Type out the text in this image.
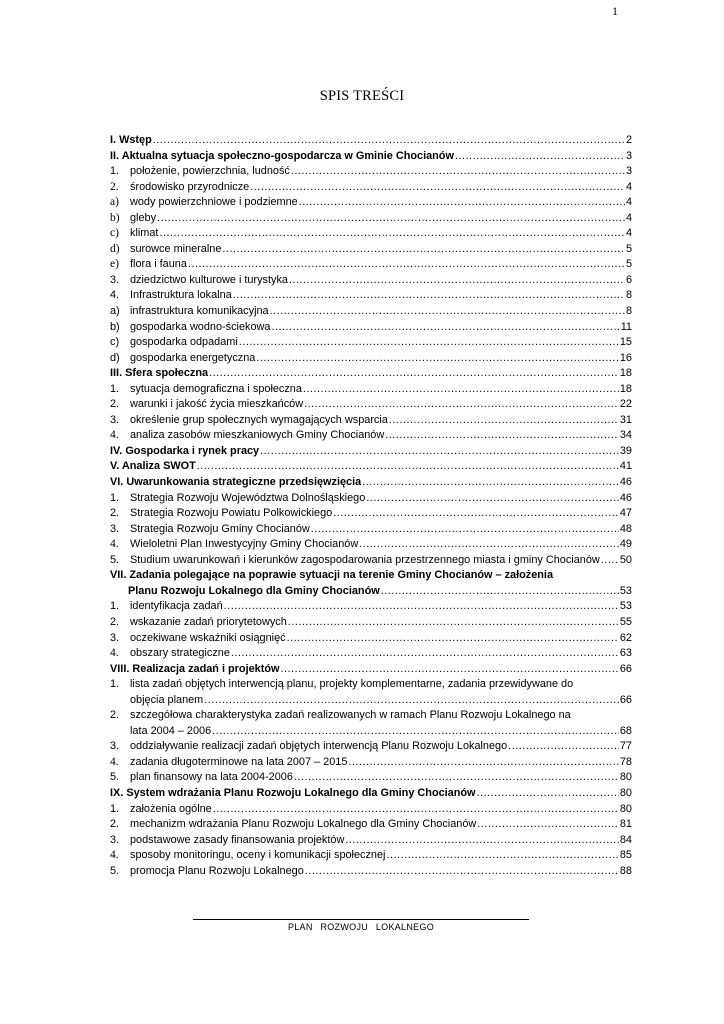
1
SPIS TREŚCI
I. Wstęp .....	2
II. Aktualna sytuacja społeczno-gospodarcza w Gminie Chocianów .....	3
1.	położenie, powierzchnia, ludność .....	3
2.	środowisko przyrodnicze .....	4
a)	wody powierzchniowe i podziemne .....	4
b) gleby .....	4
c)	klimat .....	4
d) surowce mineralne .....	5
e)	flora i fauna .....	5
3.	dziedzictwo kulturowe i turystyka .....	6
4.	Infrastruktura lokalna .....	8
a) infrastruktura komunikacyjna .....	8
b) gospodarka wodno-ściekowa .....	11
c)	gospodarka odpadami .....	15
d) gospodarka energetyczna .....	16
III. Sfera społeczna .....	18
1.	sytuacja demograficzna i społeczna .....	18
2.	warunki i jakość życia mieszkańców .....	22
3.	określenie grup społecznych wymagających wsparcia .....	31
4.	analiza zasobów mieszkaniowych Gminy Chocianów .....	34
IV. Gospodarka i rynek pracy .....	39
V. Analiza SWOT .....	41
VI. Uwarunkowania strategiczne przedsięwzięcia .....	46
1.	Strategia Rozwoju Województwa Dolnośląskiego .....	46
2.	Strategia Rozwoju Powiatu Polkowickiego .....	47
3.	Strategia Rozwoju Gminy Chocianów .....	48
4.	Wieloletni Plan Inwestycyjny Gminy Chocianów .....	49
5.	Studium uwarunkowań i kierunków zagospodarowania przestrzennego miasta i gminy Chocianów ..... 50
VII. Zadania polegające na poprawie sytuacji na terenie Gminy Chocianów – założenia
Planu Rozwoju Lokalnego dla Gminy Chocianów .....	53
1.	identyfikacja zadań .....	53
2.	wskazanie zadań priorytetowych .....	55
3.	oczekiwane wskaźniki osiągnięć .....	62
4.	obszary strategiczne .....	63
VIII. Realizacja zadań i projektów .....	66
1.	lista zadań objętych interwencją planu, projekty komplementarne, zadania przewidywane do
objęcia planem .....	66
2.	szczegółowa charakterystyka zadań realizowanych w ramach Planu Rozwoju Lokalnego na
lata 2004 – 2006 .....	68
3.	oddziaływanie realizacji zadań objętych interwencją Planu Rozwoju Lokalnego .....	77
4.	zadania długoterminowe na lata 2007 – 2015 .....	78
5.	plan finansowy na lata 2004-2006 .....	80
IX. System wdrażania Planu Rozwoju Lokalnego dla Gminy Chocianów .....	80
1.	założenia ogólne .....	80
2.	mechanizm wdrażania Planu Rozwoju Lokalnego dla Gminy Chocianów .....	81
3.	podstawowe zasady finansowania projektów .....	84
4.	sposoby monitoringu, oceny i komunikacji społecznej .....	85
5.	promocja Planu Rozwoju Lokalnego .....	88
PLAN ROZWOJU LOKALNEGO
